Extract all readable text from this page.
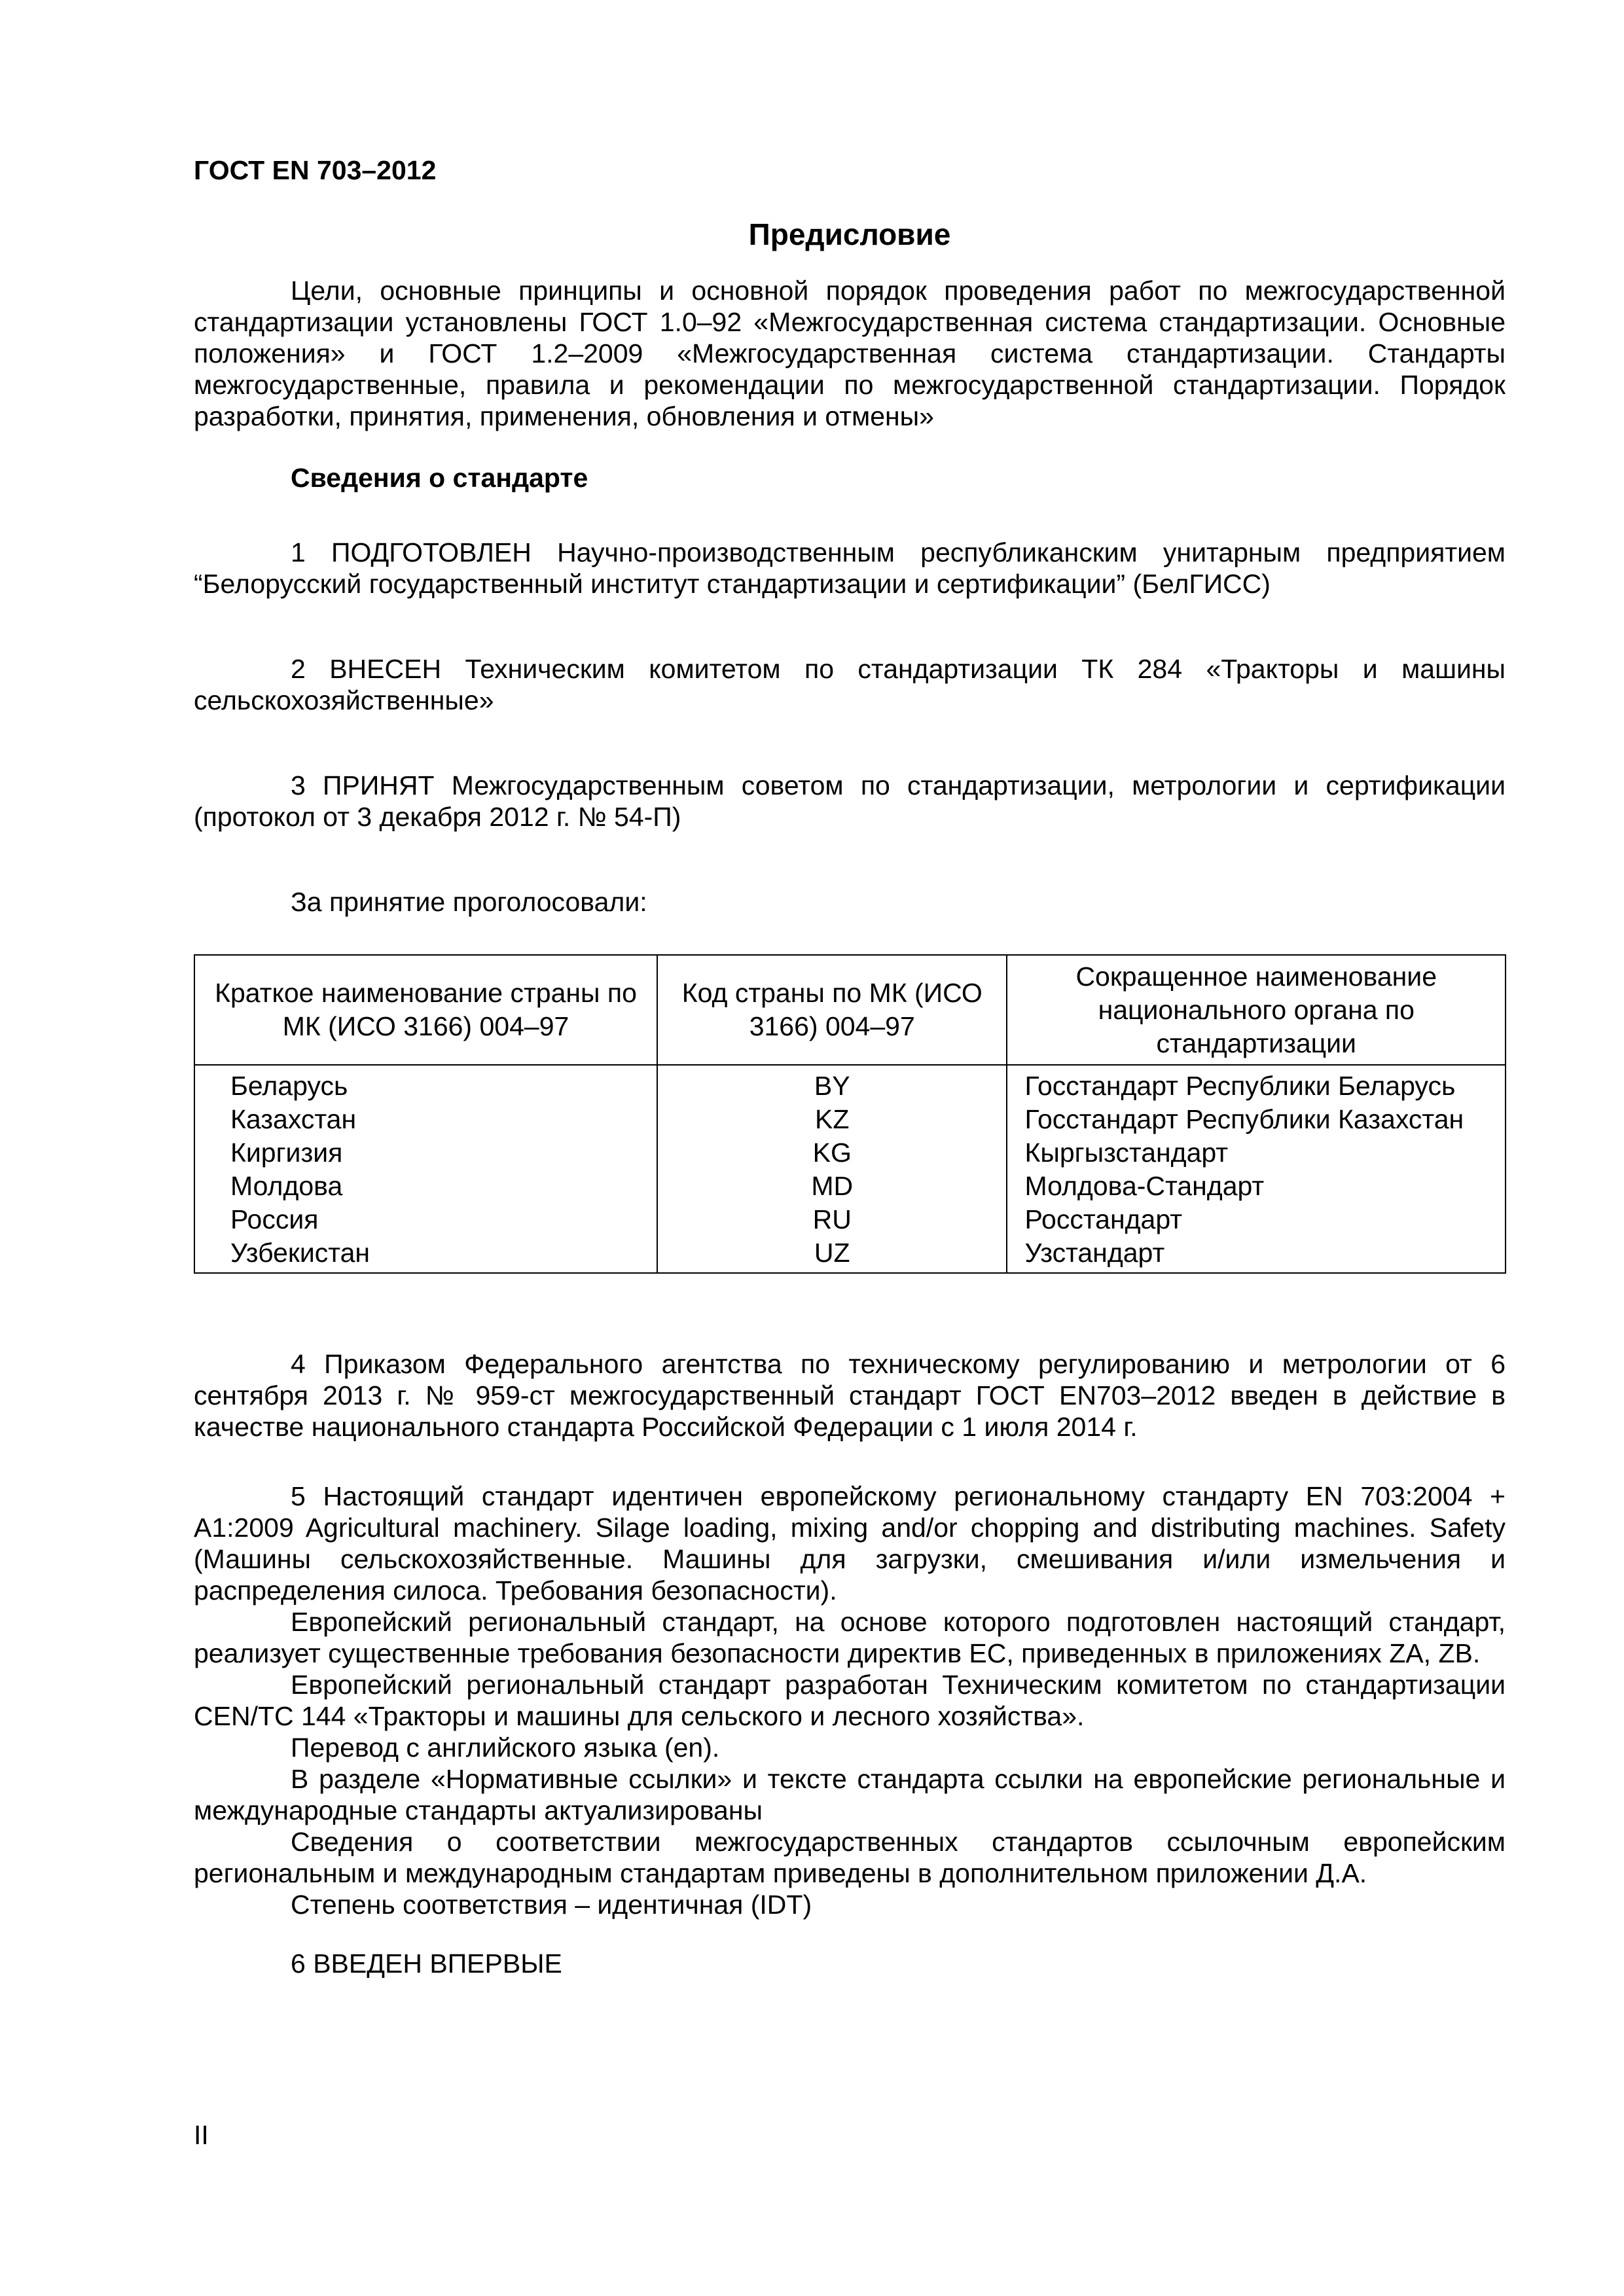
ГОСТ EN 703–2012
Предисловие

Цели, основные принципы и основной порядок проведения работ по межгосударственной стандартизации установлены ГОСТ 1.0–92 «Межгосударственная система стандартизации. Основные положения» и ГОСТ 1.2–2009 «Межгосударственная система стандартизации. Стандарты межгосударственные, правила и рекомендации по межгосударственной стандартизации. Порядок разработки, принятия, применения, обновления и отмены»

Сведения о стандарте

1 ПОДГОТОВЛЕН Научно-производственным республиканским унитарным предприятием “Белорусский государственный институт стандартизации и сертификации” (БелГИСС)

2 ВНЕСЕН Техническим комитетом по стандартизации ТК 284 «Тракторы и машины сельскохозяйственные»

3 ПРИНЯТ Межгосударственным советом по стандартизации, метрологии и сертификации (протокол от 3 декабря 2012 г. № 54-П)

За принятие проголосовали:
Краткое наименование страны по МК (ИСО 3166) 004–97	Код страны по МК (ИСО 3166) 004–97	Сокращенное наименование национального органа по стандартизации
Беларусь	BY	Госстандарт Республики Беларусь
Казахстан	KZ	Госстандарт Республики Казахстан
Киргизия	KG	Кыргызстандарт
Молдова	MD	Молдова-Стандарт
Россия	RU	Росстандарт
Узбекистан	UZ	Узстандарт

4 Приказом Федерального агентства по техническому регулированию и метрологии от 6 сентября 2013 г. № 959-ст межгосударственный стандарт ГОСТ EN703–2012 введен в действие в качестве национального стандарта Российской Федерации с 1 июля 2014 г.

5 Настоящий стандарт идентичен европейскому региональному стандарту EN 703:2004 + A1:2009 Agricultural machinery. Silage loading, mixing and/or chopping and distributing machines. Safety (Машины сельскохозяйственные. Машины для загрузки, смешивания и/или измельчения и распределения силоса. Требования безопасности).

Европейский региональный стандарт, на основе которого подготовлен настоящий стандарт, реализует существенные требования безопасности директив ЕС, приведенных в приложениях ZA, ZB.

Европейский региональный стандарт разработан Техническим комитетом по стандартизации CEN/TC 144 «Тракторы и машины для сельского и лесного хозяйства».

Перевод с английского языка (en).

В разделе «Нормативные ссылки» и тексте стандарта ссылки на европейские региональные и международные стандарты актуализированы

Сведения о соответствии межгосударственных стандартов ссылочным европейским региональным и международным стандартам приведены в дополнительном приложении Д.А.

Степень соответствия – идентичная (IDT)

6 ВВЕДЕН ВПЕРВЫЕ
II
